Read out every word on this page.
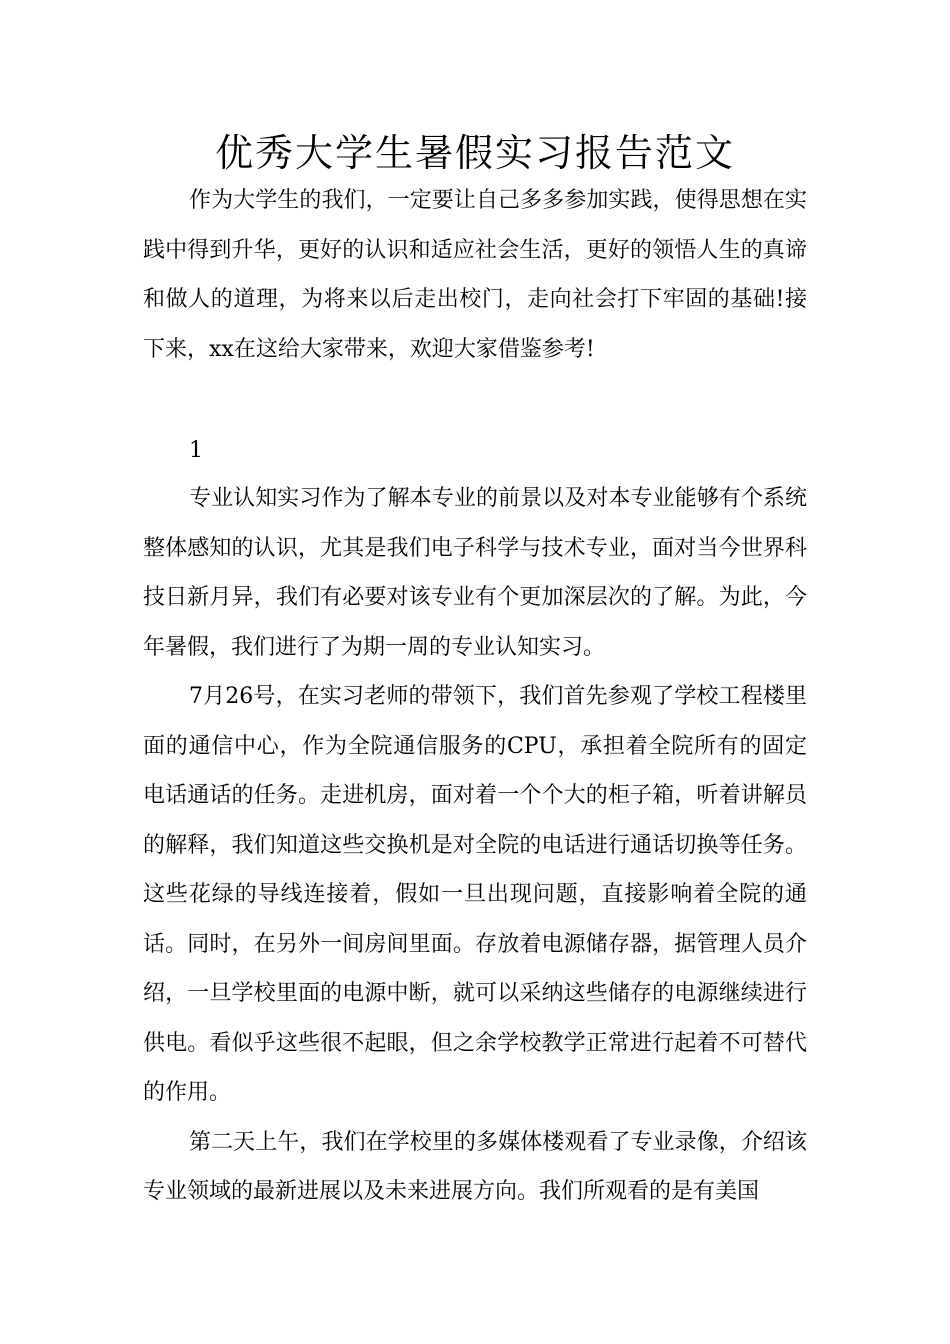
优秀大学生暑假实习报告范文

作为大学生的我们，一定要让自己多多参加实践，使得思想在实践中得到升华，更好的认识和适应社会生活，更好的领悟人生的真谛和做人的道理，为将来以后走出校门，走向社会打下牢固的基础!接下来，xx在这给大家带来，欢迎大家借鉴参考!

1

专业认知实习作为了解本专业的前景以及对本专业能够有个系统整体感知的认识，尤其是我们电子科学与技术专业，面对当今世界科技日新月异，我们有必要对该专业有个更加深层次的了解。为此，今年暑假，我们进行了为期一周的专业认知实习。

7月26号，在实习老师的带领下，我们首先参观了学校工程楼里面的通信中心，作为全院通信服务的CPU，承担着全院所有的固定电话通话的任务。走进机房，面对着一个个大的柜子箱，听着讲解员的解释，我们知道这些交换机是对全院的电话进行通话切换等任务。这些花绿的导线连接着，假如一旦出现问题，直接影响着全院的通话。同时，在另外一间房间里面。存放着电源储存器，据管理人员介绍，一旦学校里面的电源中断，就可以采纳这些储存的电源继续进行供电。看似乎这些很不起眼，但之余学校教学正常进行起着不可替代的作用。

第二天上午，我们在学校里的多媒体楼观看了专业录像，介绍该专业领域的最新进展以及未来进展方向。我们所观看的是有美国
